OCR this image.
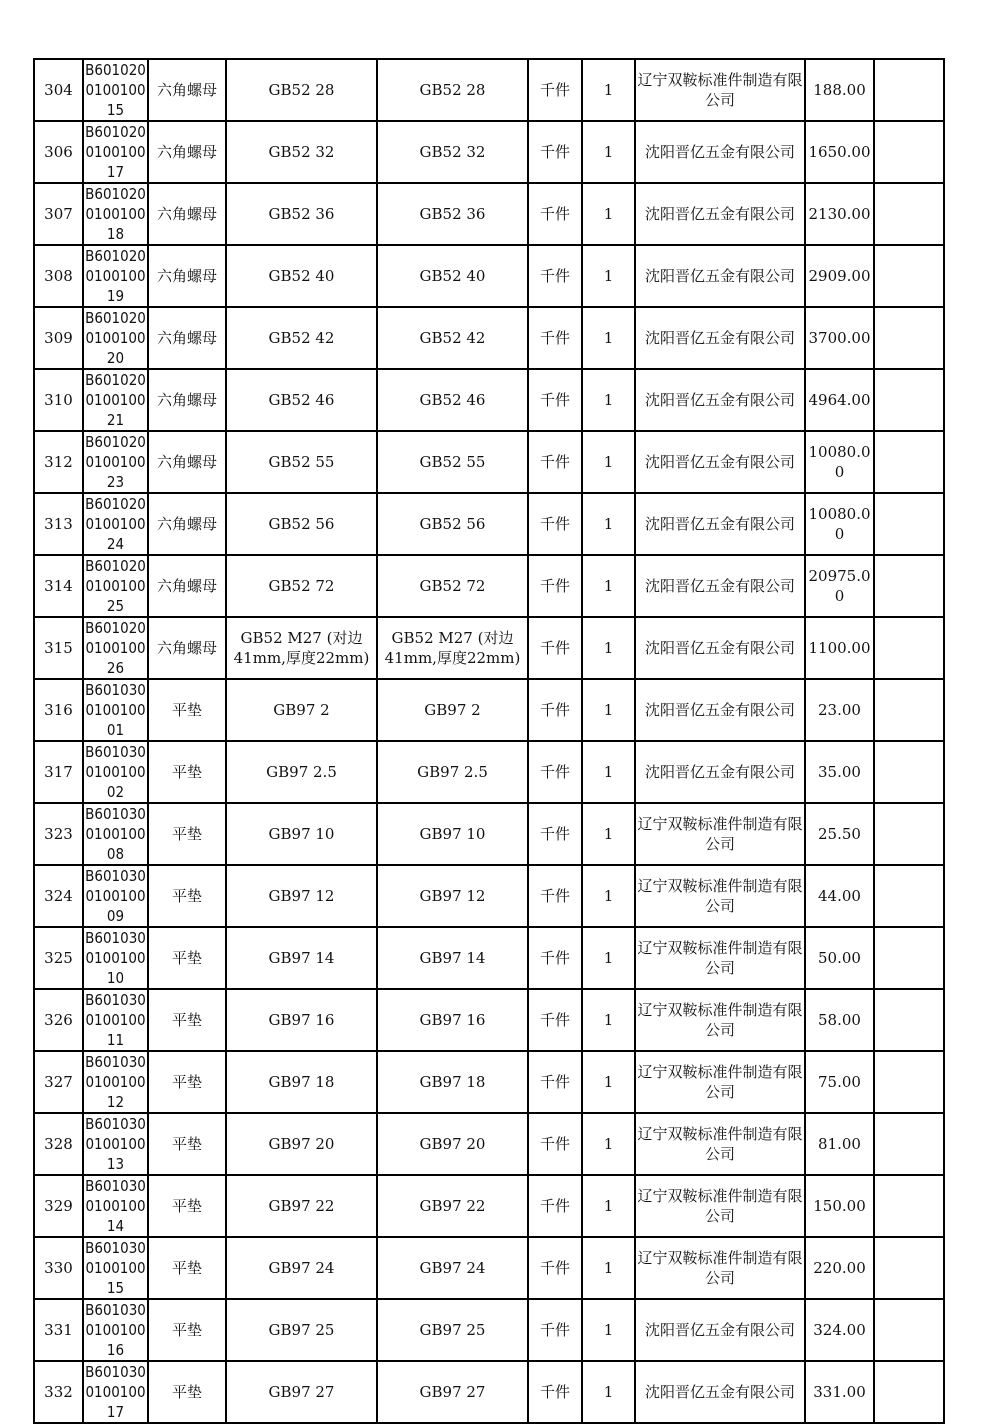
304	B601020010010015	六角螺母	GB52 28	GB52 28	千件	1	辽宁双鞍标准件制造有限公司	188.00	
306	B601020010010017	六角螺母	GB52 32	GB52 32	千件	1	沈阳晋亿五金有限公司	1650.00	
307	B601020010010018	六角螺母	GB52 36	GB52 36	千件	1	沈阳晋亿五金有限公司	2130.00	
308	B601020010010019	六角螺母	GB52 40	GB52 40	千件	1	沈阳晋亿五金有限公司	2909.00	
309	B601020010010020	六角螺母	GB52 42	GB52 42	千件	1	沈阳晋亿五金有限公司	3700.00	
310	B601020010010021	六角螺母	GB52 46	GB52 46	千件	1	沈阳晋亿五金有限公司	4964.00	
312	B601020010010023	六角螺母	GB52 55	GB52 55	千件	1	沈阳晋亿五金有限公司	10080.00	
313	B601020010010024	六角螺母	GB52 56	GB52 56	千件	1	沈阳晋亿五金有限公司	10080.00	
314	B601020010010025	六角螺母	GB52 72	GB52 72	千件	1	沈阳晋亿五金有限公司	20975.00	
315	B601020010010026	六角螺母	GB52 M27 (对边41mm,厚度22mm)	GB52 M27 (对边41mm,厚度22mm)	千件	1	沈阳晋亿五金有限公司	1100.00	
316	B601030010010001	平垫	GB97 2	GB97 2	千件	1	沈阳晋亿五金有限公司	23.00	
317	B601030010010002	平垫	GB97 2.5	GB97 2.5	千件	1	沈阳晋亿五金有限公司	35.00	
323	B601030010010008	平垫	GB97 10	GB97 10	千件	1	辽宁双鞍标准件制造有限公司	25.50	
324	B601030010010009	平垫	GB97 12	GB97 12	千件	1	辽宁双鞍标准件制造有限公司	44.00	
325	B601030010010010	平垫	GB97 14	GB97 14	千件	1	辽宁双鞍标准件制造有限公司	50.00	
326	B601030010010011	平垫	GB97 16	GB97 16	千件	1	辽宁双鞍标准件制造有限公司	58.00	
327	B601030010010012	平垫	GB97 18	GB97 18	千件	1	辽宁双鞍标准件制造有限公司	75.00	
328	B601030010010013	平垫	GB97 20	GB97 20	千件	1	辽宁双鞍标准件制造有限公司	81.00	
329	B601030010010014	平垫	GB97 22	GB97 22	千件	1	辽宁双鞍标准件制造有限公司	150.00	
330	B601030010010015	平垫	GB97 24	GB97 24	千件	1	辽宁双鞍标准件制造有限公司	220.00	
331	B601030010010016	平垫	GB97 25	GB97 25	千件	1	沈阳晋亿五金有限公司	324.00	
332	B601030010010017	平垫	GB97 27	GB97 27	千件	1	沈阳晋亿五金有限公司	331.00	
